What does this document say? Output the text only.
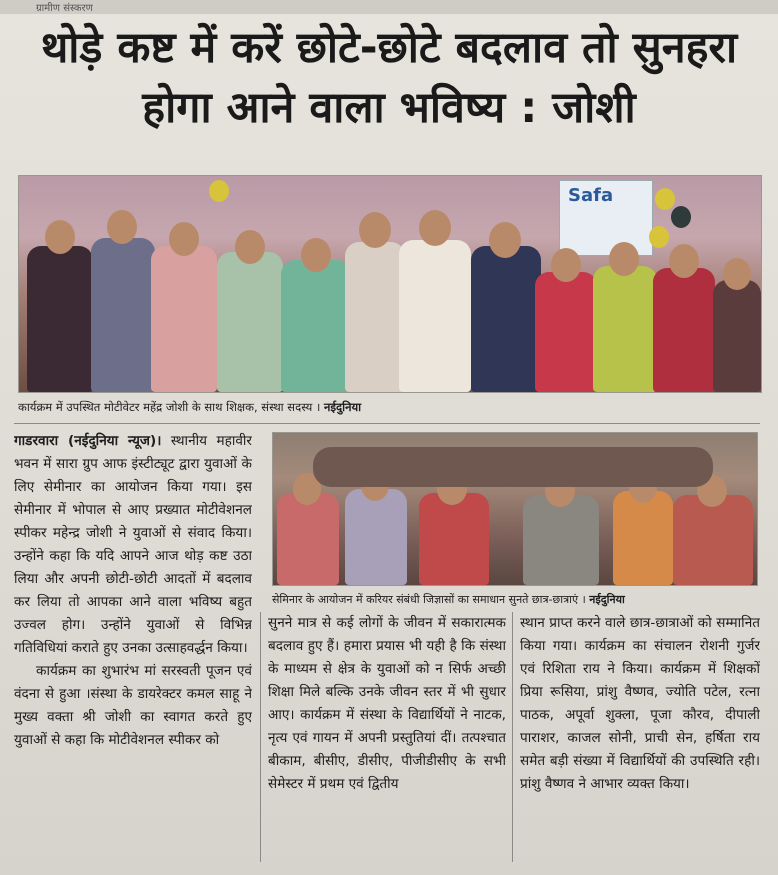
ग्रामीण संस्करण
थोड़े कष्ट में करें छोटे-छोटे बदलाव तो सुनहरा होगा आने वाला भविष्य : जोशी
Safa
कार्यक्रम में उपस्थित मोटीवेटर महेंद्र जोशी के साथ शिक्षक, संस्था सदस्य । नईदुनिया
सेमिनार के आयोजन में करियर संबंधी जिज्ञासों का समाधान सुनते छात्र-छात्राएं । नईदुनिया

गाडरवारा (नईदुनिया न्यूज)। स्थानीय महावीर भवन में सारा ग्रुप आफ इंस्टीट्यूट द्वारा युवाओं के लिए सेमीनार का आयोजन किया गया। इस सेमीनार में भोपाल से आए प्रख्यात मोटीवेशनल स्पीकर महेन्द्र जोशी ने युवाओं से संवाद किया। उन्होंने कहा कि यदि आपने आज थोड़ कष्ट उठा लिया और अपनी छोटी-छोटी आदतों में बदलाव कर लिया तो आपका आने वाला भविष्य बहुत उज्वल होग। उन्होंने युवाओं से विभिन्न गतिविधियां कराते हुए उनका उत्साहवर्द्धन किया।

कार्यक्रम का शुभारंभ मां सरस्वती पूजन एवं वंदना से हुआ ।संस्था के डायरेक्टर कमल साहू ने मुख्य वक्ता श्री जोशी का स्वागत करते हुए युवाओं से कहा कि मोटीवेशनल स्पीकर को

सुनने मात्र से कई लोगों के जीवन में सकारात्मक बदलाव हुए हैं। हमारा प्रयास भी यही है कि संस्था के माध्यम से क्षेत्र के युवाओं को न सिर्फ अच्छी शिक्षा मिले बल्कि उनके जीवन स्तर में भी सुधार आए। कार्यक्रम में संस्था के विद्यार्थियों ने नाटक, नृत्य एवं गायन में अपनी प्रस्तुतियां दीं। तत्पश्चात बीकाम, बीसीए, डीसीए, पीजीडीसीए के सभी सेमेस्टर में प्रथम एवं द्वितीय

स्थान प्राप्त करने वाले छात्र-छात्राओं को सम्मानित किया गया। कार्यक्रम का संचालन रोशनी गुर्जर एवं रिशिता राय ने किया। कार्यक्रम में शिक्षकों प्रिया रूसिया, प्रांशु वैष्णव, ज्योति पटेल, रत्ना पाठक, अपूर्वा शुक्ला, पूजा कौरव, दीपाली पाराशर, काजल सोनी, प्राची सेन, हर्षिता राय समेत बड़ी संख्या में विद्यार्थियों की उपस्थिति रही। प्रांशु वैष्णव ने आभार व्यक्त किया।
